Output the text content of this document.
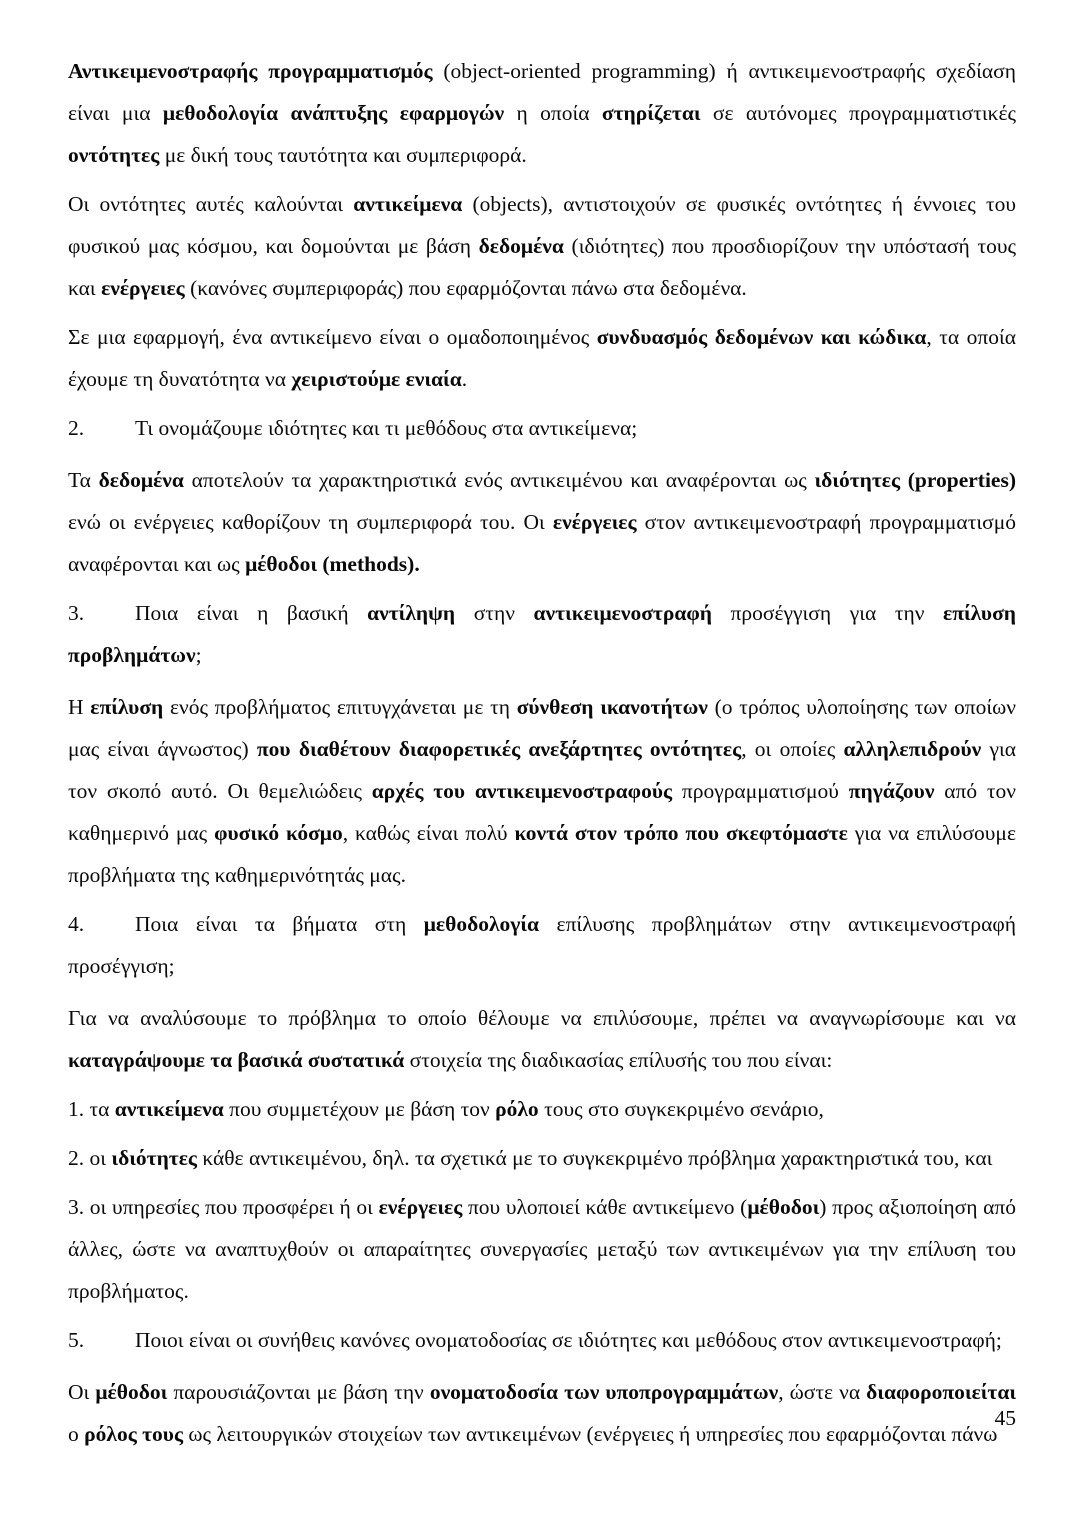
Αντικειμενοστραφής προγραμματισμός (object-oriented programming) ή αντικειμενοστραφής σχεδίαση είναι μια μεθοδολογία ανάπτυξης εφαρμογών η οποία στηρίζεται σε αυτόνομες προγραμματιστικές οντότητες με δική τους ταυτότητα και συμπεριφορά.
Οι οντότητες αυτές καλούνται αντικείμενα (objects), αντιστοιχούν σε φυσικές οντότητες ή έννοιες του φυσικού μας κόσμου, και δομούνται με βάση δεδομένα (ιδιότητες) που προσδιορίζουν την υπόστασή τους και ενέργειες (κανόνες συμπεριφοράς) που εφαρμόζονται πάνω στα δεδομένα.
Σε μια εφαρμογή, ένα αντικείμενο είναι ο ομαδοποιημένος συνδυασμός δεδομένων και κώδικα, τα οποία έχουμε τη δυνατότητα να χειριστούμε ενιαία.
2. Τι ονομάζουμε ιδιότητες και τι μεθόδους στα αντικείμενα;
Τα δεδομένα αποτελούν τα χαρακτηριστικά ενός αντικειμένου και αναφέρονται ως ιδιότητες (properties) ενώ οι ενέργειες καθορίζουν τη συμπεριφορά του. Οι ενέργειες στον αντικειμενοστραφή προγραμματισμό αναφέρονται και ως μέθοδοι (methods).
3. Ποια είναι η βασική αντίληψη στην αντικειμενοστραφή προσέγγιση για την επίλυση προβλημάτων;
Η επίλυση ενός προβλήματος επιτυγχάνεται με τη σύνθεση ικανοτήτων (ο τρόπος υλοποίησης των οποίων μας είναι άγνωστος) που διαθέτουν διαφορετικές ανεξάρτητες οντότητες, οι οποίες αλληλεπιδρούν για τον σκοπό αυτό. Οι θεμελιώδεις αρχές του αντικειμενοστραφούς προγραμματισμού πηγάζουν από τον καθημερινό μας φυσικό κόσμο, καθώς είναι πολύ κοντά στον τρόπο που σκεφτόμαστε για να επιλύσουμε προβλήματα της καθημερινότητάς μας.
4. Ποια είναι τα βήματα στη μεθοδολογία επίλυσης προβλημάτων στην αντικειμενοστραφή προσέγγιση;
Για να αναλύσουμε το πρόβλημα το οποίο θέλουμε να επιλύσουμε, πρέπει να αναγνωρίσουμε και να καταγράψουμε τα βασικά συστατικά στοιχεία της διαδικασίας επίλυσής του που είναι:
1. τα αντικείμενα που συμμετέχουν με βάση τον ρόλο τους στο συγκεκριμένο σενάριο,
2. οι ιδιότητες κάθε αντικειμένου, δηλ. τα σχετικά με το συγκεκριμένο πρόβλημα χαρακτηριστικά του, και
3. οι υπηρεσίες που προσφέρει ή οι ενέργειες που υλοποιεί κάθε αντικείμενο (μέθοδοι) προς αξιοποίηση από άλλες, ώστε να αναπτυχθούν οι απαραίτητες συνεργασίες μεταξύ των αντικειμένων για την επίλυση του προβλήματος.
5. Ποιοι είναι οι συνήθεις κανόνες ονοματοδοσίας σε ιδιότητες και μεθόδους στον αντικειμενοστραφή;
Οι μέθοδοι παρουσιάζονται με βάση την ονοματοδοσία των υποπρογραμμάτων, ώστε να διαφοροποιείται ο ρόλος τους ως λειτουργικών στοιχείων των αντικειμένων (ενέργειες ή υπηρεσίες που εφαρμόζονται πάνω
45
